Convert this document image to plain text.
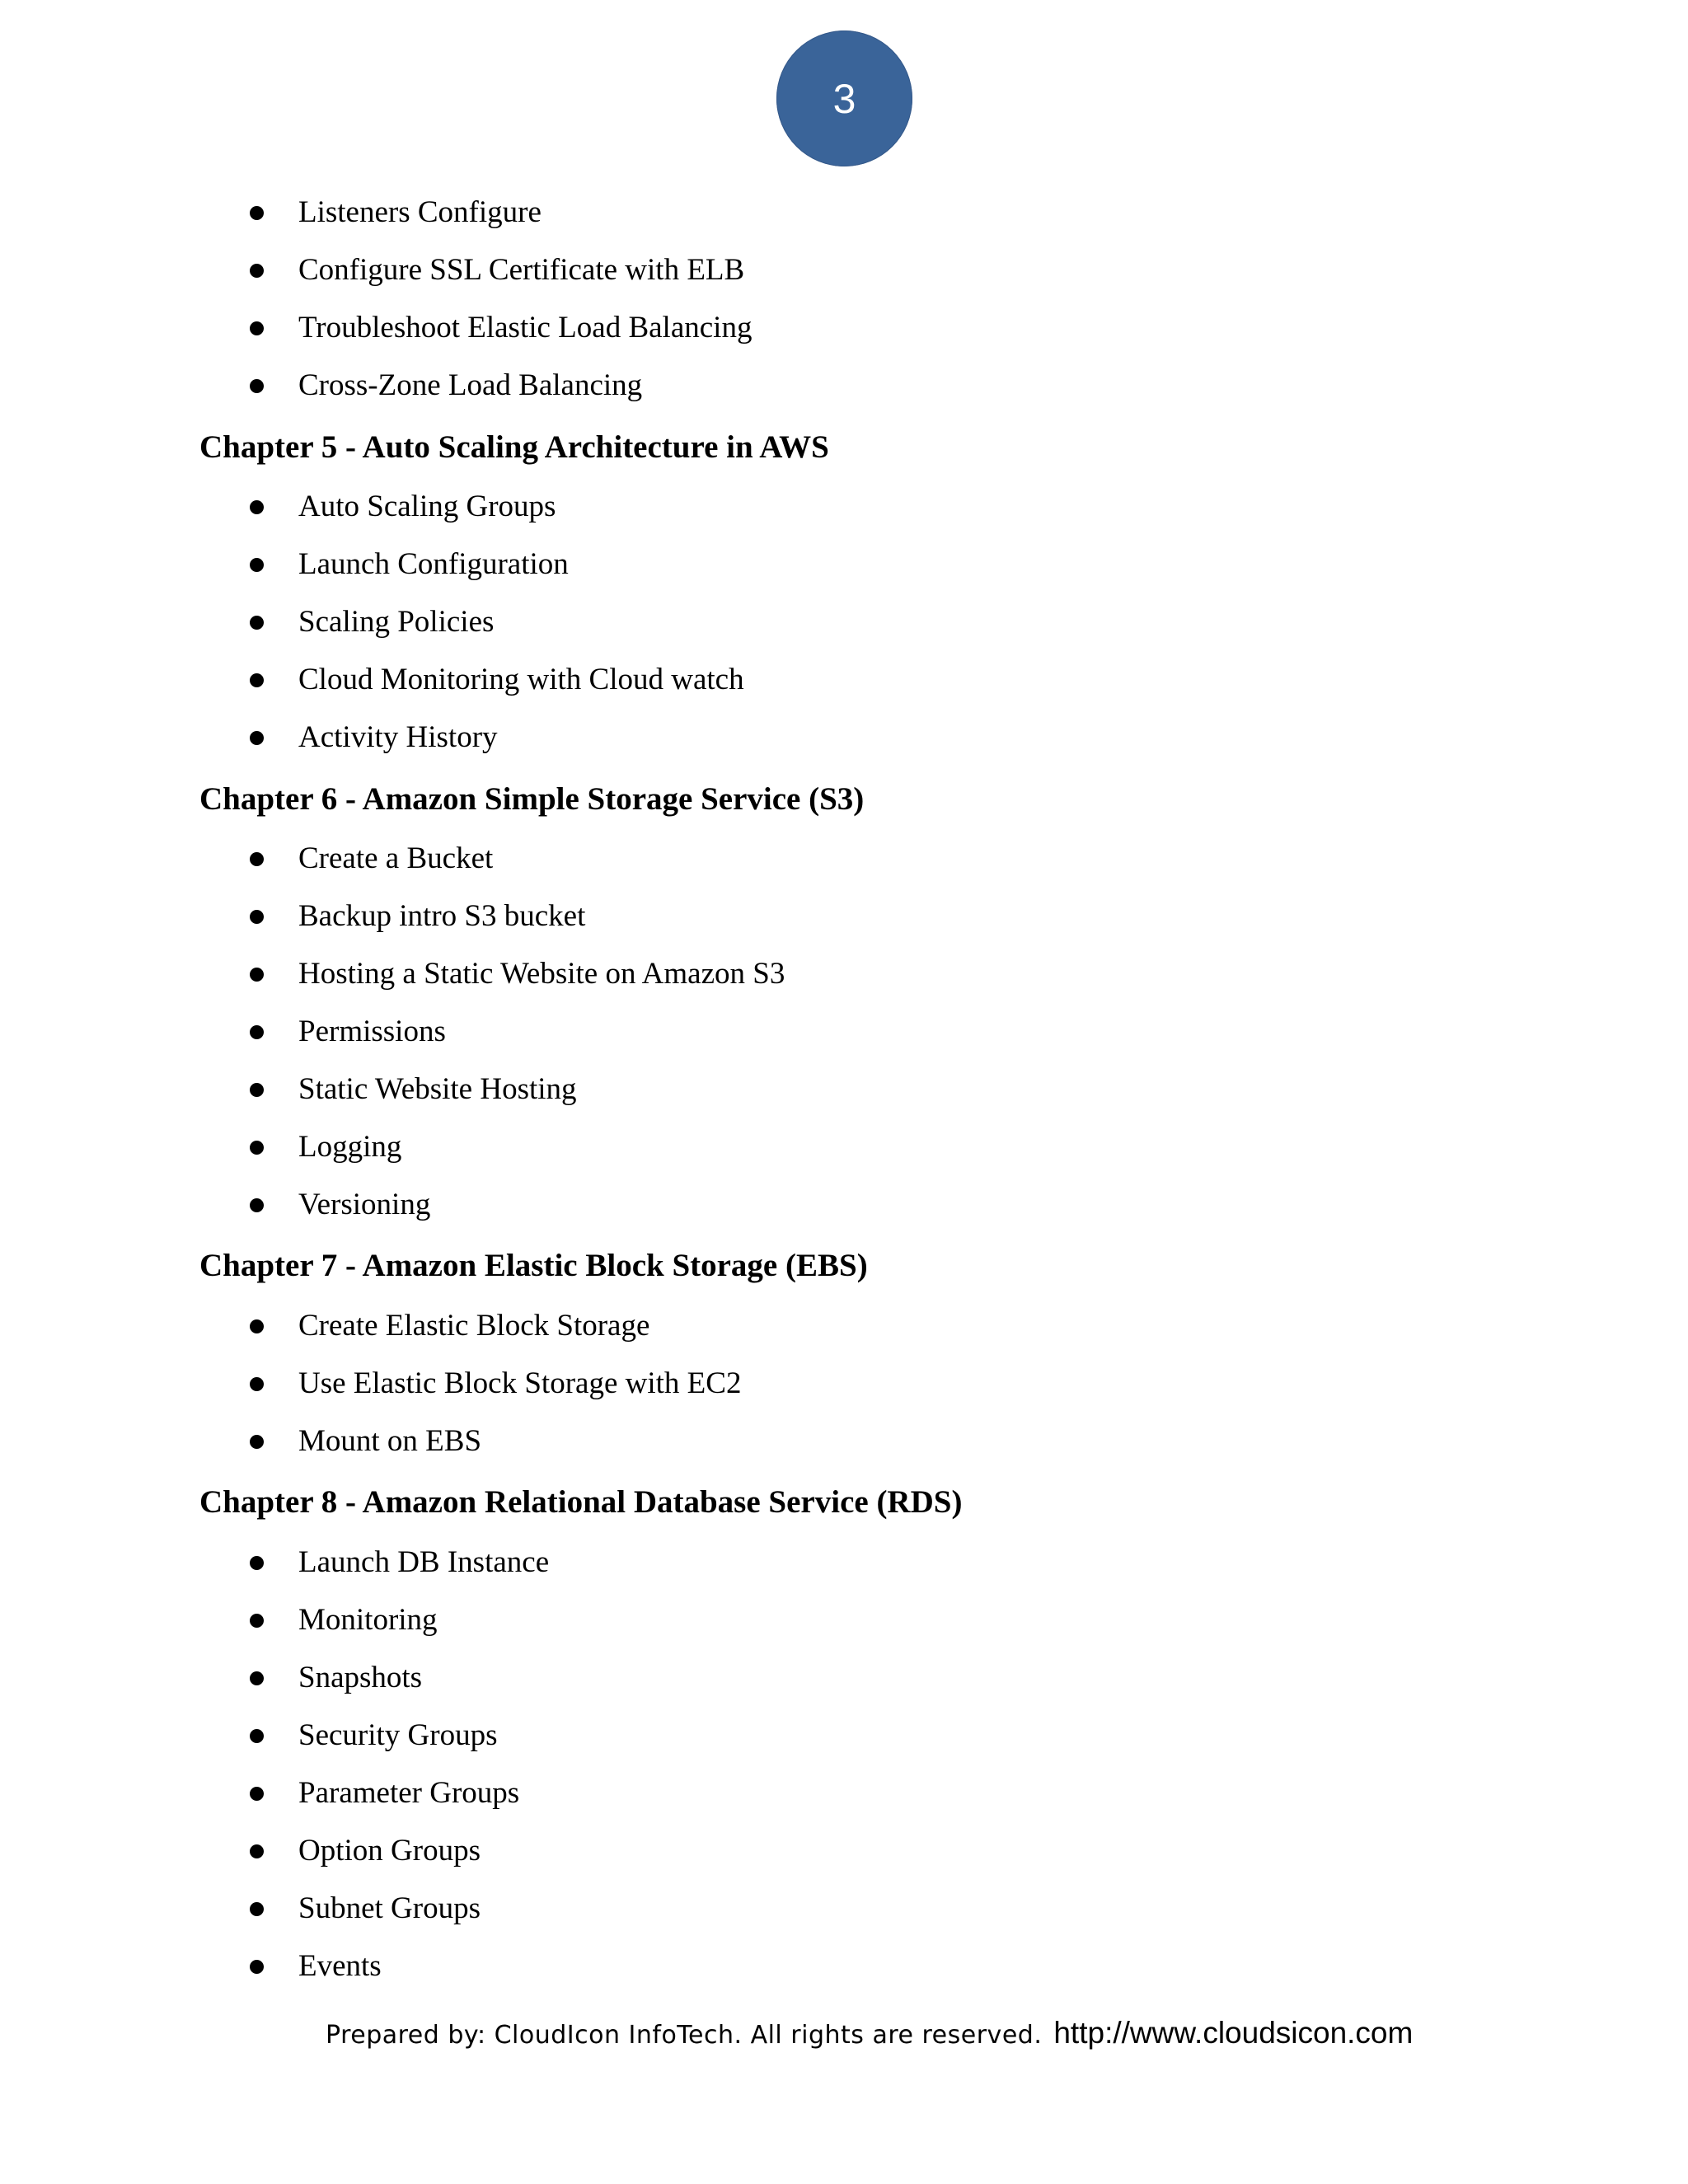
3
Listeners Configure
Configure SSL Certificate with ELB
Troubleshoot Elastic Load Balancing
Cross-Zone Load Balancing
Chapter 5 - Auto Scaling Architecture in AWS
Auto Scaling Groups
Launch Configuration
Scaling Policies
Cloud Monitoring with Cloud watch
Activity History
Chapter 6 - Amazon Simple Storage Service (S3)
Create a Bucket
Backup intro S3 bucket
Hosting a Static Website on Amazon S3
Permissions
Static Website Hosting
Logging
Versioning
Chapter 7 - Amazon Elastic Block Storage (EBS)
Create Elastic Block Storage
Use Elastic Block Storage with EC2
Mount on EBS
Chapter 8 - Amazon Relational Database Service (RDS)
Launch DB Instance
Monitoring
Snapshots
Security Groups
Parameter Groups
Option Groups
Subnet Groups
Events
Prepared by: CloudIcon InfoTech. All rights are reserved. http://www.cloudsicon.com
